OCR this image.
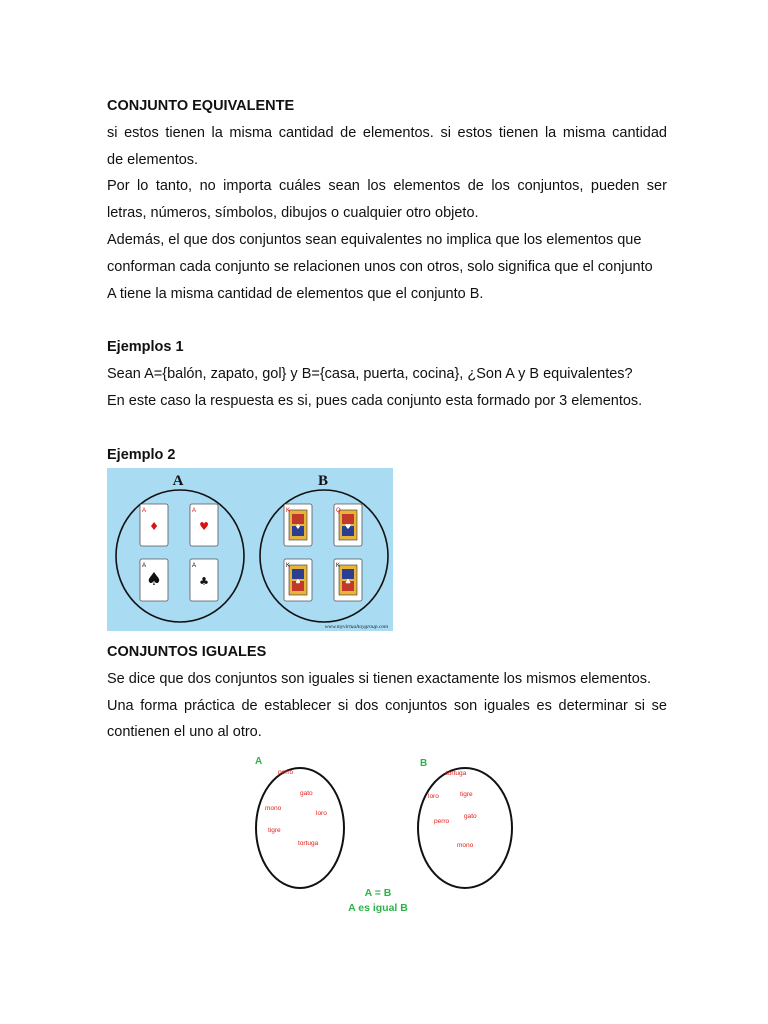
CONJUNTO EQUIVALENTE
si estos tienen la misma cantidad de elementos. si estos tienen la misma cantidad
de elementos.
Por lo tanto, no importa cuáles sean los elementos de los conjuntos, pueden ser
letras, números, símbolos, dibujos o cualquier otro objeto.
Además, el que dos conjuntos sean equivalentes no implica que los elementos que
conforman cada conjunto se relacionen unos con otros, solo significa que el conjunto
A tiene la misma cantidad de elementos que el conjunto B.
Ejemplos 1
Sean A={balón, zapato, gol} y B={casa, puerta, cocina}, ¿Son A y B equivalentes?
En este caso la respuesta es si, pues cada conjunto esta formado por 3 elementos.
Ejemplo 2
A	B
A
♦
A
♥
A
♠
A
♣
K
♦
Q
♥
K
♠
K
♣
www.myvirtualtoygroup.com
CONJUNTOS IGUALES
Se dice que dos conjuntos son iguales si tienen exactamente los mismos elementos.
Una forma práctica de establecer si dos conjuntos son iguales es determinar si se
contienen el uno al otro.
A	B
perro
gato
mono
loro
tigre
tortuga
tortuga
loro	tigre
perro
gato
mono
A = B
A es igual B
